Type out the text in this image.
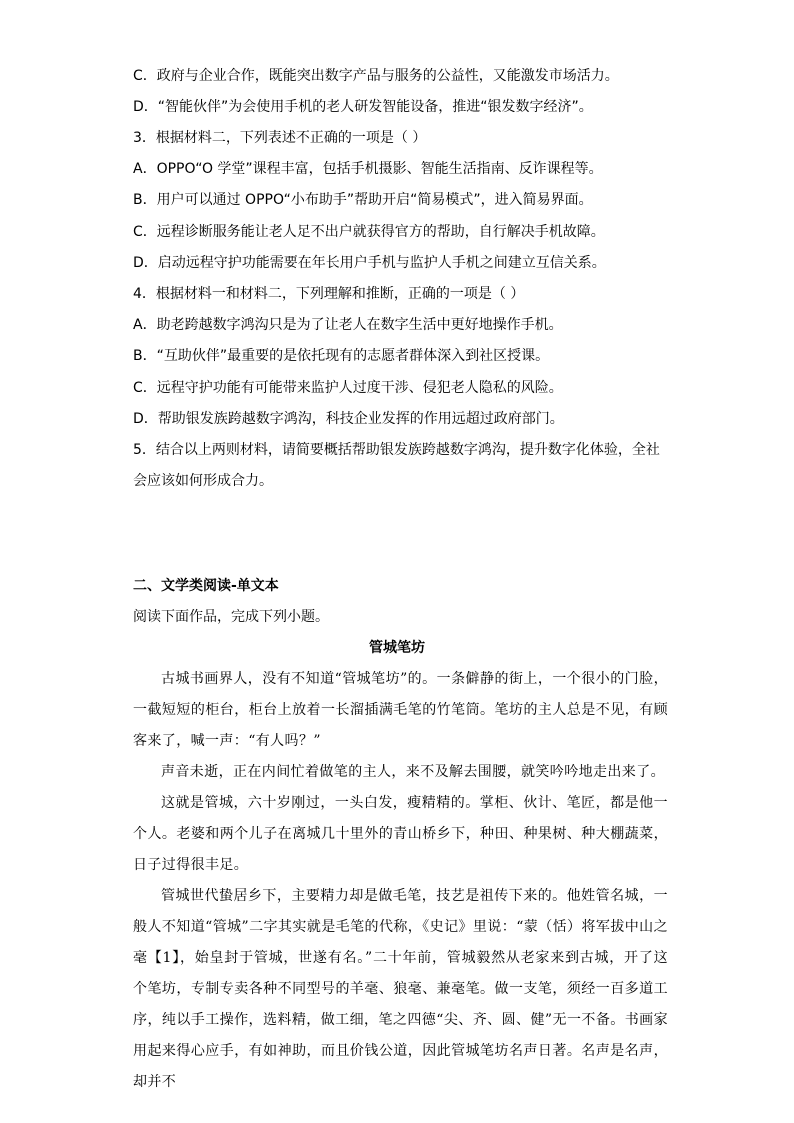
C．政府与企业合作，既能突出数字产品与服务的公益性，又能激发市场活力。
D．“智能伙伴”为会使用手机的老人研发智能设备，推进“银发数字经济”。
3．根据材料二，下列表述不正确的一项是（ ）
A．OPPO“O 学堂”课程丰富，包括手机摄影、智能生活指南、反诈课程等。
B．用户可以通过 OPPO“小布助手”帮助开启“简易模式”，进入简易界面。
C．远程诊断服务能让老人足不出户就获得官方的帮助，自行解决手机故障。
D．启动远程守护功能需要在年长用户手机与监护人手机之间建立互信关系。
4．根据材料一和材料二，下列理解和推断，正确的一项是（ ）
A．助老跨越数字鸿沟只是为了让老人在数字生活中更好地操作手机。
B．“互助伙伴”最重要的是依托现有的志愿者群体深入到社区授课。
C．远程守护功能有可能带来监护人过度干涉、侵犯老人隐私的风险。
D．帮助银发族跨越数字鸿沟，科技企业发挥的作用远超过政府部门。
5．结合以上两则材料，请简要概括帮助银发族跨越数字鸿沟，提升数字化体验，全社
会应该如何形成合力。
二、文学类阅读-单文本
阅读下面作品，完成下列小题。
管城笔坊

古城书画界人，没有不知道“管城笔坊”的。一条僻静的街上，一个很小的门脸，一截短短的柜台，柜台上放着一长溜插满毛笔的竹笔筒。笔坊的主人总是不见，有顾客来了，喊一声：“有人吗？”

声音未逝，正在内间忙着做笔的主人，来不及解去围腰，就笑吟吟地走出来了。

这就是管城，六十岁刚过，一头白发，瘦精精的。掌柜、伙计、笔匠，都是他一个人。老婆和两个儿子在离城几十里外的青山桥乡下，种田、种果树、种大棚蔬菜，日子过得很丰足。

管城世代蛰居乡下，主要精力却是做毛笔，技艺是祖传下来的。他姓管名城，一般人不知道“管城”二字其实就是毛笔的代称，《史记》里说：“蒙（恬）将军拔中山之毫【1】，始皇封于管城，世遂有名。”二十年前，管城毅然从老家来到古城，开了这个笔坊，专制专卖各种不同型号的羊毫、狼毫、兼毫笔。做一支笔，须经一百多道工序，纯以手工操作，选料精，做工细，笔之四德“尖、齐、圆、健”无一不备。书画家用起来得心应手，有如神助，而且价钱公道，因此管城笔坊名声日著。名声是名声，却并不
